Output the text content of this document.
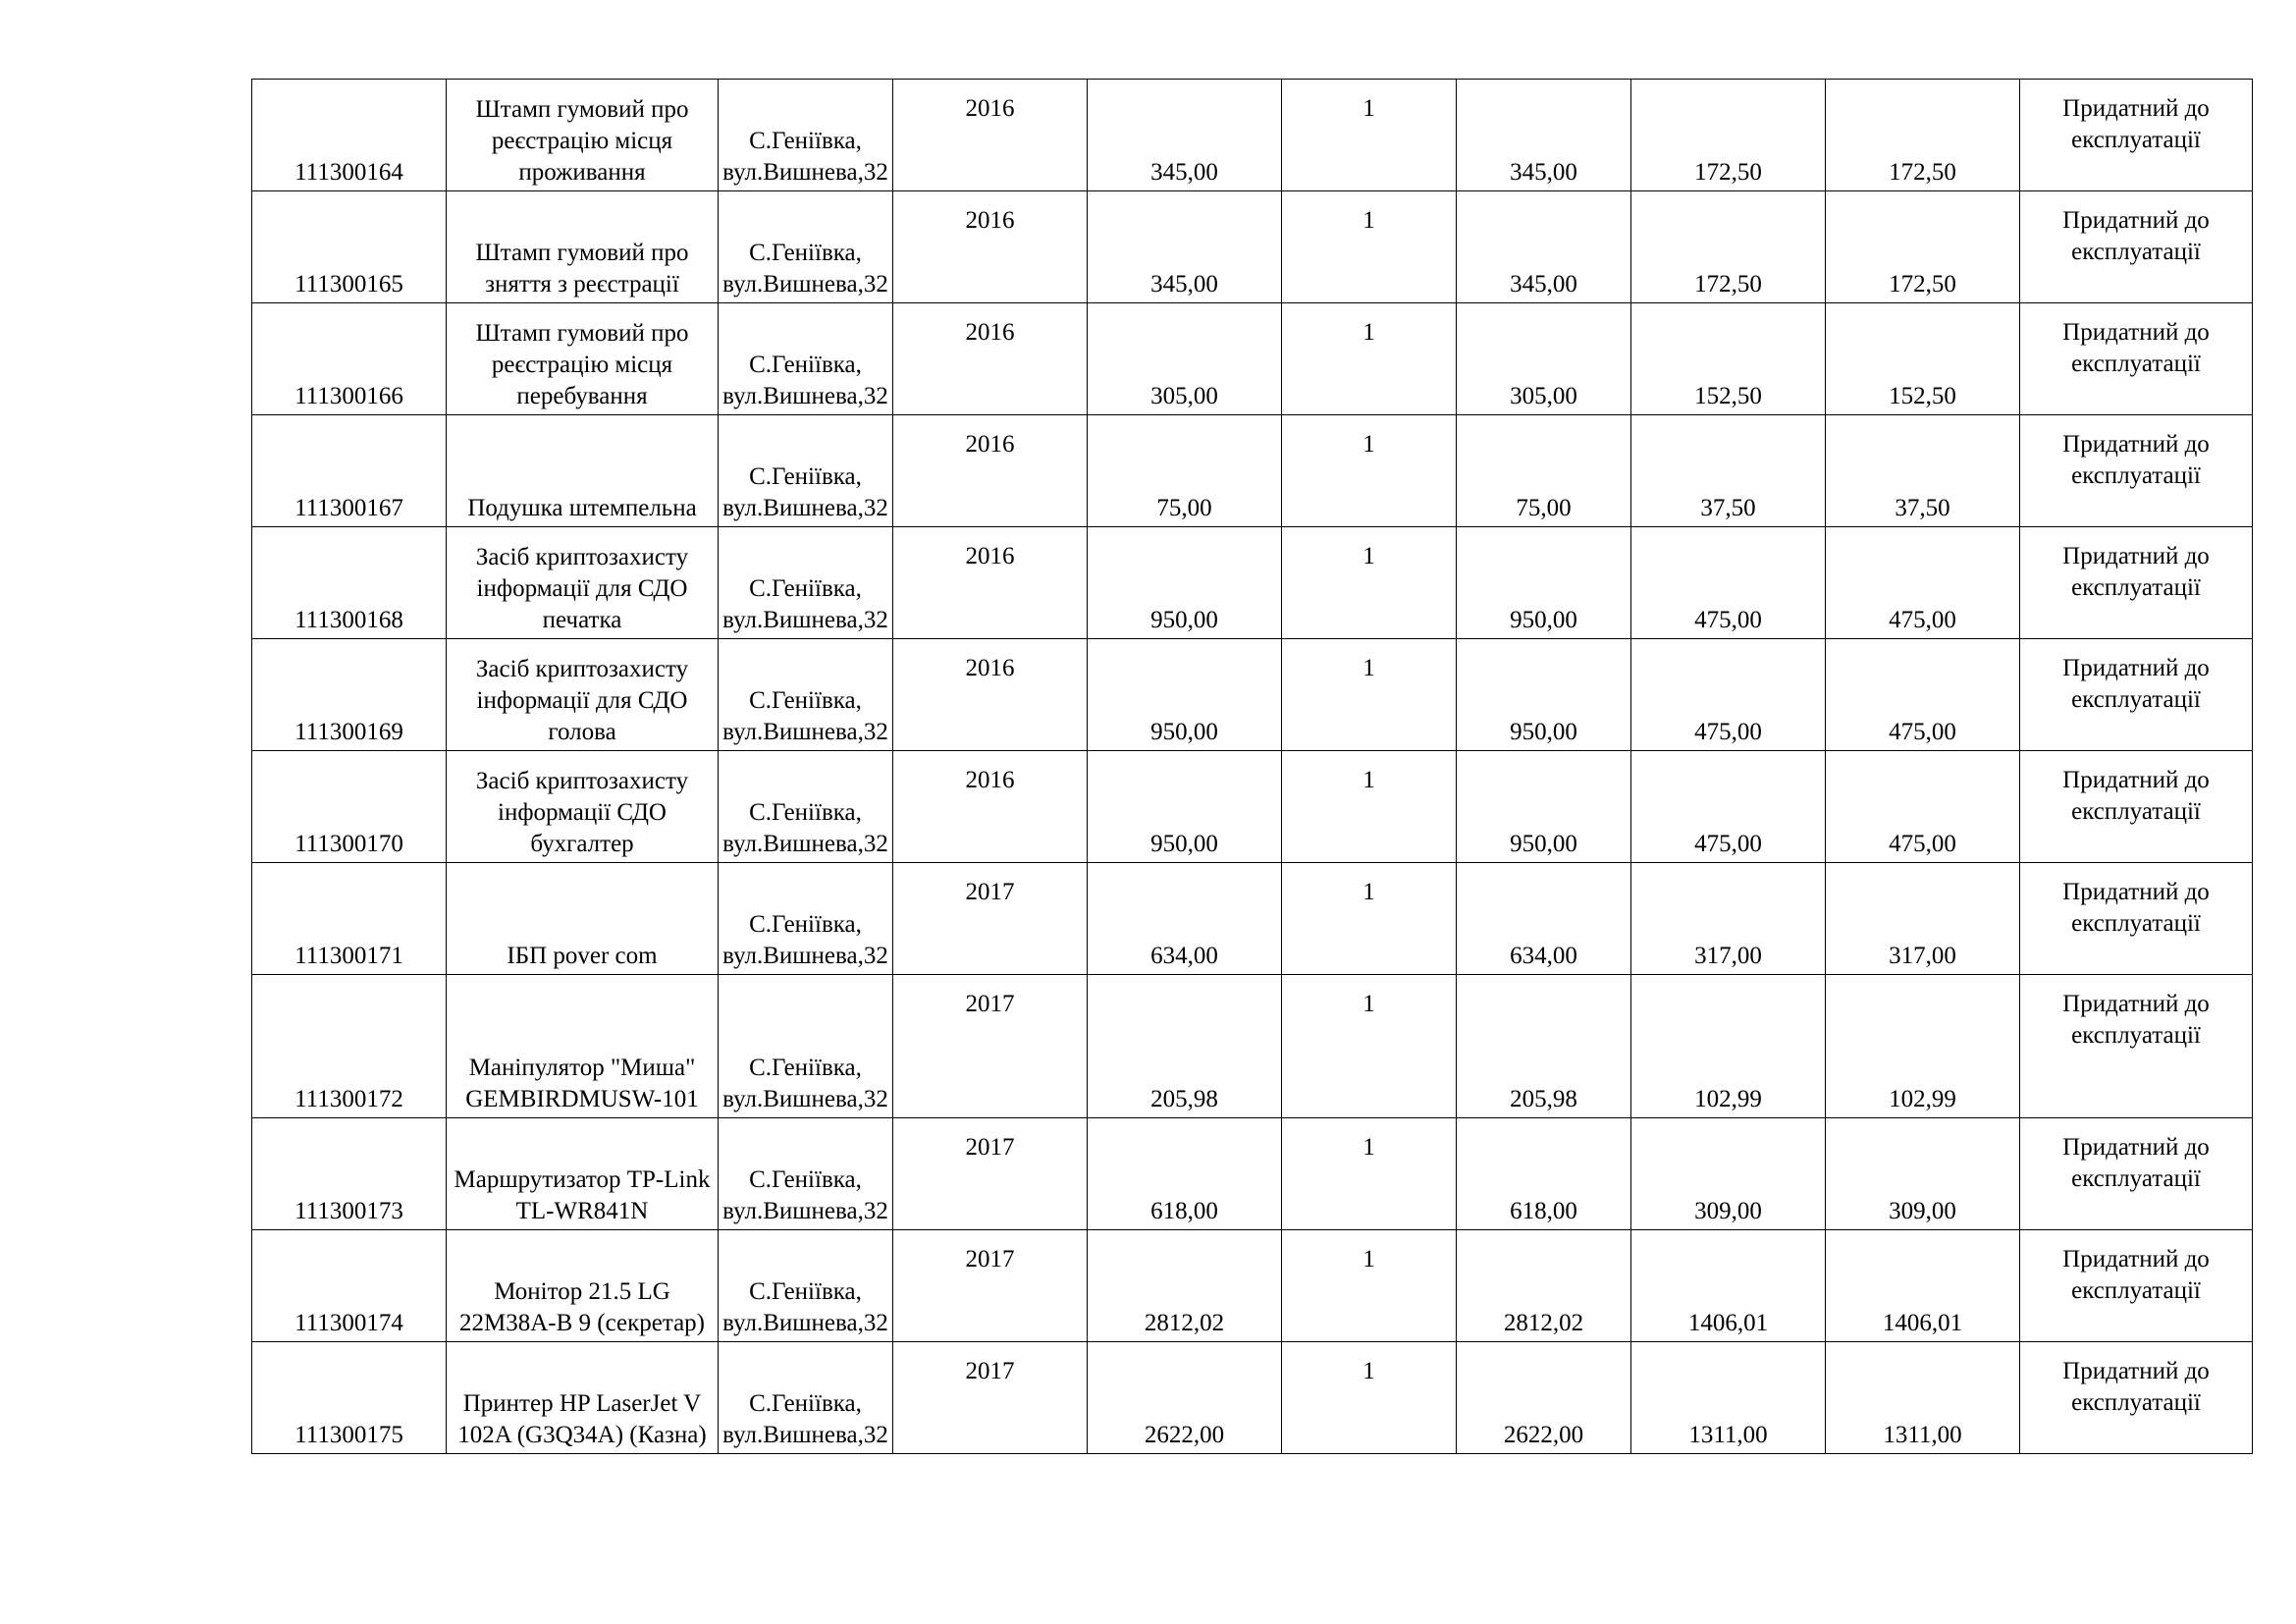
111300164	Штамп гумовий про реєстрацію місця проживання	С.Геніївка, вул.Вишнева,32	2016	345,00	1	345,00	172,50	172,50	Придатний до експлуатації
111300165	Штамп гумовий про зняття з реєстрації	С.Геніївка, вул.Вишнева,32	2016	345,00	1	345,00	172,50	172,50	Придатний до експлуатації
111300166	Штамп гумовий про реєстрацію місця перебування	С.Геніївка, вул.Вишнева,32	2016	305,00	1	305,00	152,50	152,50	Придатний до експлуатації
111300167	Подушка штемпельна	С.Геніївка, вул.Вишнева,32	2016	75,00	1	75,00	37,50	37,50	Придатний до експлуатації
111300168	Засіб криптозахисту інформації для СДО печатка	С.Геніївка, вул.Вишнева,32	2016	950,00	1	950,00	475,00	475,00	Придатний до експлуатації
111300169	Засіб криптозахисту інформації для СДО голова	С.Геніївка, вул.Вишнева,32	2016	950,00	1	950,00	475,00	475,00	Придатний до експлуатації
111300170	Засіб криптозахисту інформації СДО бухгалтер	С.Геніївка, вул.Вишнева,32	2016	950,00	1	950,00	475,00	475,00	Придатний до експлуатації
111300171	ІБП pover com	С.Геніївка, вул.Вишнева,32	2017	634,00	1	634,00	317,00	317,00	Придатний до експлуатації
111300172	Маніпулятор "Миша" GEMBIRDMUSW-101	С.Геніївка, вул.Вишнева,32	2017	205,98	1	205,98	102,99	102,99	Придатний до експлуатації
111300173	Маршрутизатор TP-Link TL-WR841N	С.Геніївка, вул.Вишнева,32	2017	618,00	1	618,00	309,00	309,00	Придатний до експлуатації
111300174	Монітор 21.5 LG 22M38A-B 9 (секретар)	С.Геніївка, вул.Вишнева,32	2017	2812,02	1	2812,02	1406,01	1406,01	Придатний до експлуатації
111300175	Принтер HP LaserJet V 102A (G3Q34A) (Казна)	С.Геніївка, вул.Вишнева,32	2017	2622,00	1	2622,00	1311,00	1311,00	Придатний до експлуатації
